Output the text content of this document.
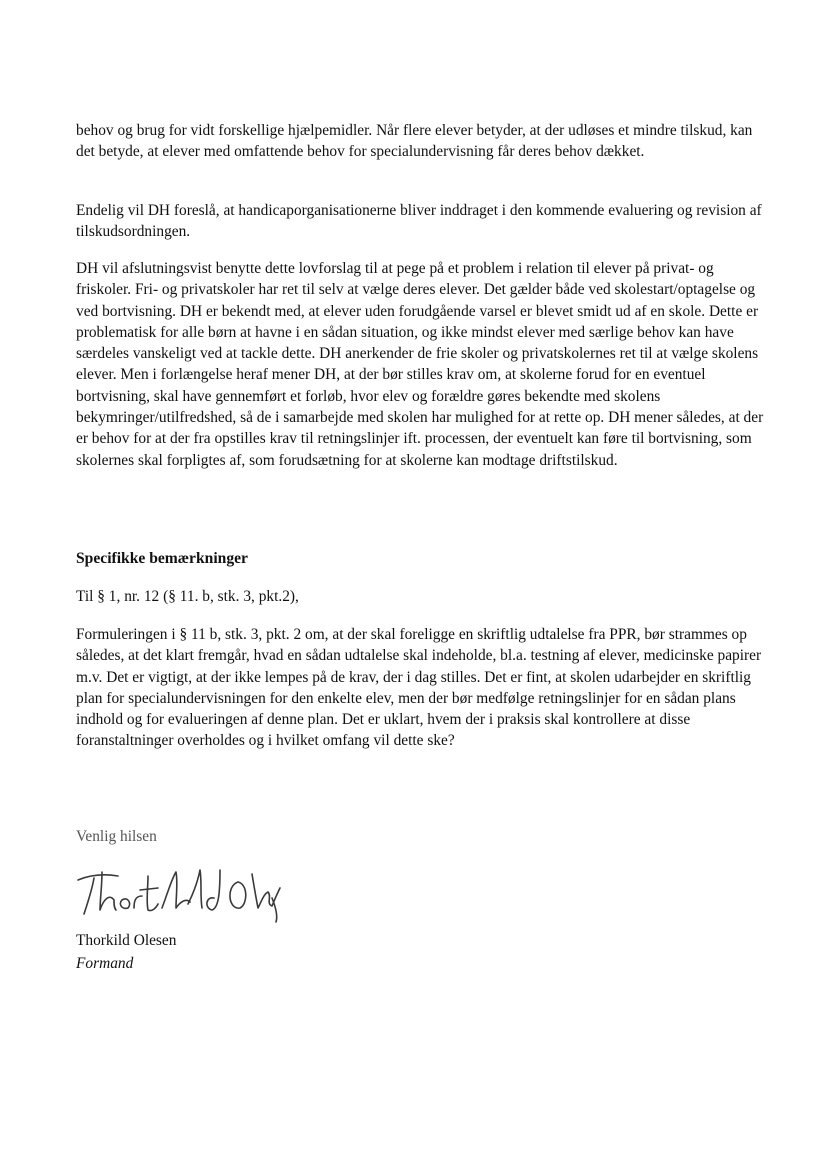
behov og brug for vidt forskellige hjælpemidler. Når flere elever betyder, at der udløses et mindre tilskud, kan det betyde, at elever med omfattende behov for specialundervisning får deres behov dækket.

Endelig vil DH foreslå, at handicaporganisationerne bliver inddraget i den kommende evaluering og revision af tilskudsordningen.

DH vil afslutningsvist benytte dette lovforslag til at pege på et problem i relation til elever på privat- og friskoler. Fri- og privatskoler har ret til selv at vælge deres elever. Det gælder både ved skolestart/optagelse og ved bortvisning. DH er bekendt med, at elever uden forudgående varsel er blevet smidt ud af en skole. Dette er problematisk for alle børn at havne i en sådan situation, og ikke mindst elever med særlige behov kan have særdeles vanskeligt ved at tackle dette. DH anerkender de frie skoler og privatskolernes ret til at vælge skolens elever. Men i forlængelse heraf mener DH, at der bør stilles krav om, at skolerne forud for en eventuel bortvisning, skal have gennemført et forløb, hvor elev og forældre gøres bekendte med skolens bekymringer/utilfredshed, så de i samarbejde med skolen har mulighed for at rette op. DH mener således, at der er behov for at der fra opstilles krav til retningslinjer ift. processen, der eventuelt kan føre til bortvisning, som skolernes skal forpligtes af, som forudsætning for at skolerne kan modtage driftstilskud.

Specifikke bemærkninger

Til § 1, nr. 12 (§ 11. b, stk. 3, pkt.2),

Formuleringen i § 11 b, stk. 3, pkt. 2 om, at der skal foreligge en skriftlig udtalelse fra PPR, bør strammes op således, at det klart fremgår, hvad en sådan udtalelse skal indeholde, bl.a. testning af elever, medicinske papirer m.v. Det er vigtigt, at der ikke lempes på de krav, der i dag stilles. Det er fint, at skolen udarbejder en skriftlig plan for specialundervisningen for den enkelte elev, men der bør medfølge retningslinjer for en sådan plans indhold og for evalueringen af denne plan. Det er uklart, hvem der i praksis skal kontrollere at disse foranstaltninger overholdes og i hvilket omfang vil dette ske?

Venlig hilsen

Thorkild Olesen

Formand
